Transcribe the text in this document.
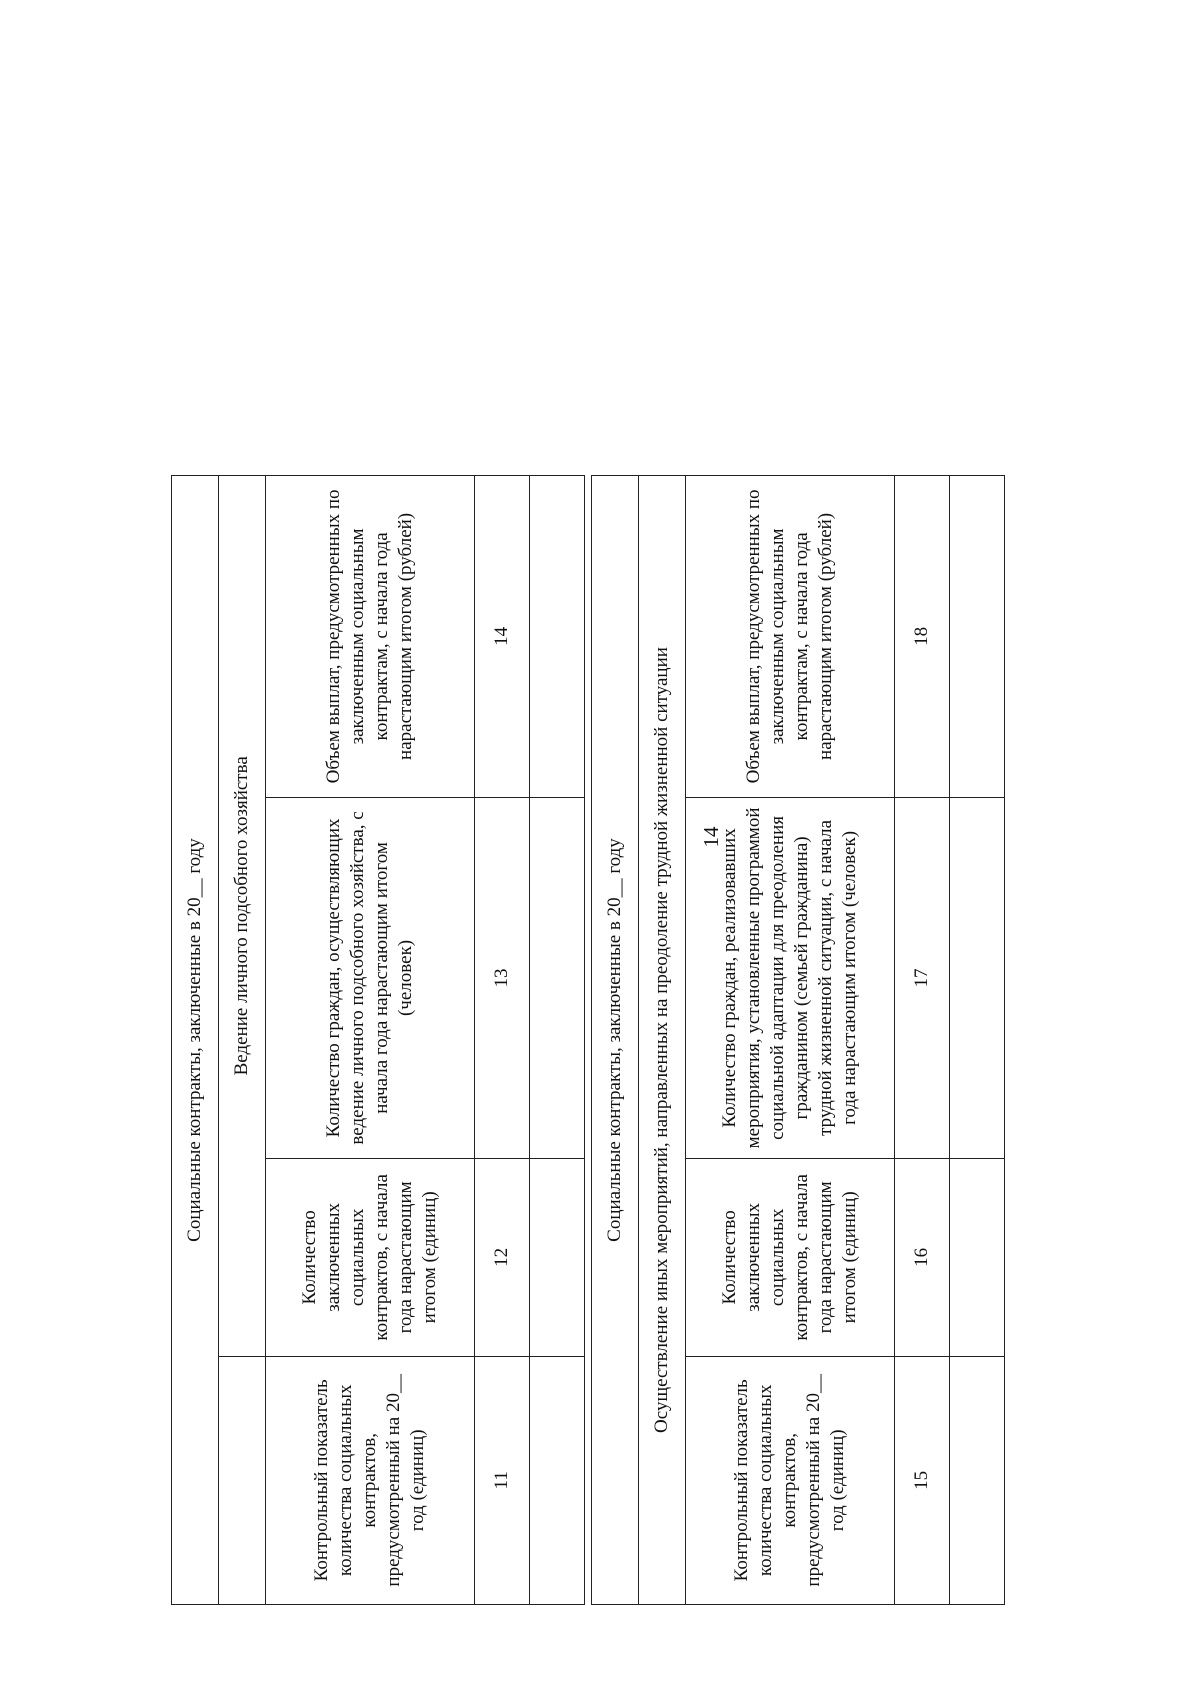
14
Социальные контракты, заключенные в 20__ году			
	Ведение личного подсобного хозяйства		
Контрольный показатель количества социальных контрактов, предусмотренный на 20__ год (единиц)	Количество заключенных социальных контрактов, с начала года нарастающим итогом (единиц)	Количество граждан, осуществляющих ведение личного подсобного хозяйства, с начала года нарастающим итогом (человек)	Объем выплат, предусмотренных по заключенным социальным контрактам, с начала года нарастающим итогом (рублей)
11	12	13	14

Социальные контракты, заключенные в 20__ году			
Осуществление иных мероприятий, направленных на преодоление трудной жизненной ситуации			
Контрольный показатель количества социальных контрактов, предусмотренный на 20__ год (единиц)	Количество заключенных социальных контрактов, с начала года нарастающим итогом (единиц)	Количество граждан, реализовавших мероприятия, установленные программой социальной адаптации для преодоления гражданином (семьей гражданина) трудной жизненной ситуации, с начала года нарастающим итогом (человек)	Объем выплат, предусмотренных по заключенным социальным контрактам, с начала года нарастающим итогом (рублей)
15	16	17	18
